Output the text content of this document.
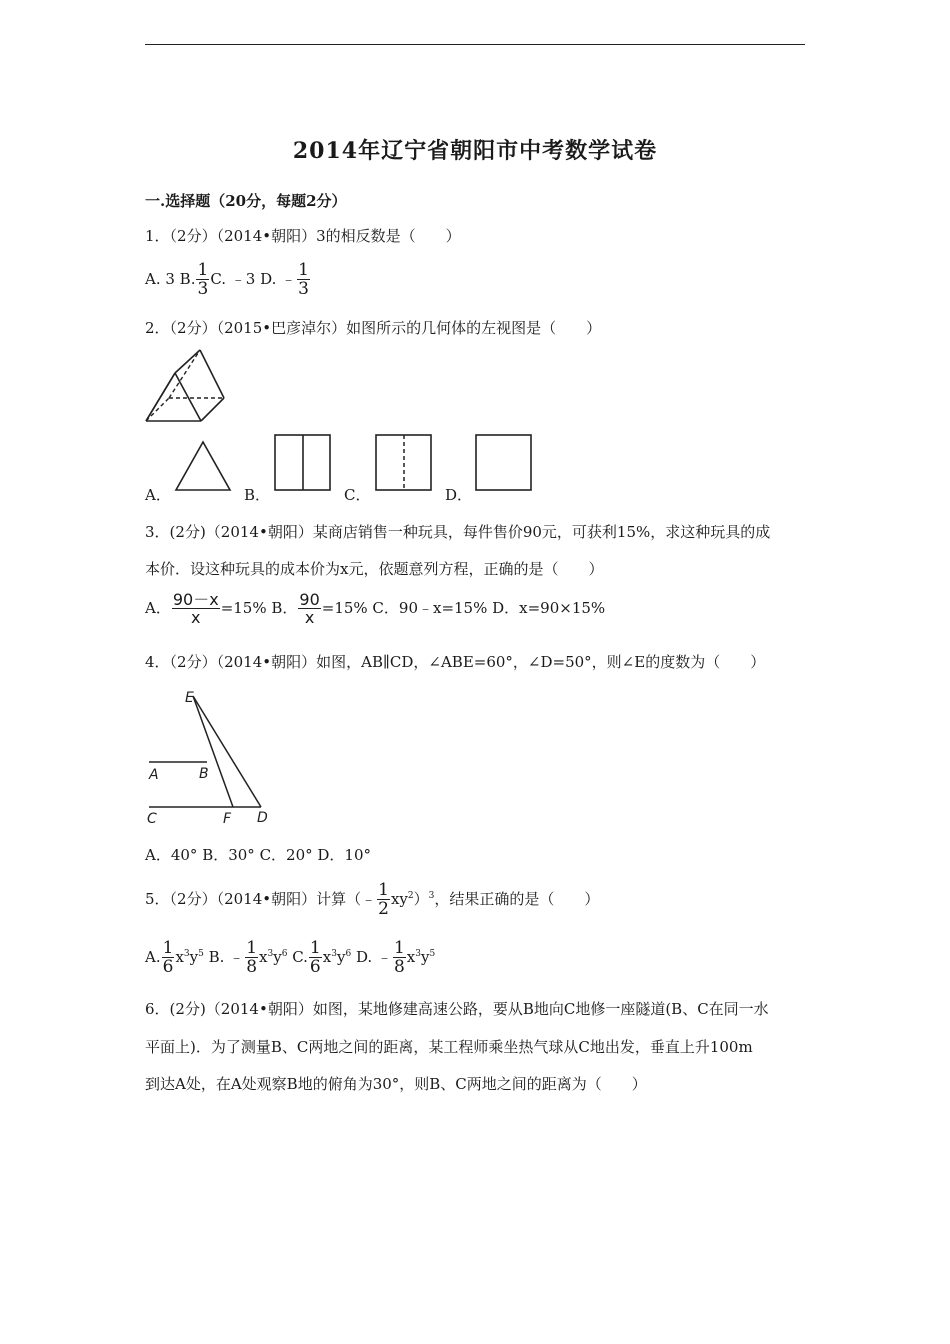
2014年辽宁省朝阳市中考数学试卷
一.选择题（20分，每题2分）
1．（2分）（2014•朝阳）3的相反数是（　　）
A. 3 B. $\frac{1}{3} C$. ﹣3 D. ﹣ $\frac{1}{3}$
2．（2分）（2015•巴彦淖尔）如图所示的几何体的左视图是（　　）
A．	B．	C．	D．
3．(2分)（2014•朝阳）某商店销售一种玩具，每件售价90元，可获利15%，求这种玩具的成
本价．设这种玩具的成本价为x元，依题意列方程，正确的是（　　）
A． $\frac{90-x}{x} =15\%$ B． $\frac{90}{x} =15\%$ C．90﹣x=15% D．x=90×15%
4．（2分）（2014•朝阳）如图，AB∥CD，∠ABE=60°，∠D=50°，则∠E的度数为（　　）
E
A	B
C	F D
A．40° B．30° C．20° D．10°
5．（2分）（2014•朝阳）计算（﹣ $\frac{1}{2} xy^2)^3$，结果正确的是（　　）
A. $\frac{1}{6} x^3y^5$ B. ﹣ $\frac{1}{8} x^3y^6$ C. $\frac{1}{6} x^3y^6$ D. ﹣ $\frac{1}{8} x^3y^5$
6．(2分)（2014•朝阳）如图，某地修建高速公路，要从B地向C地修一座隧道(B、C在同一水
平面上)．为了测量B、C两地之间的距离，某工程师乘坐热气球从C地出发，垂直上升100m
到达A处，在A处观察B地的俯角为30°，则B、C两地之间的距离为（　　）
